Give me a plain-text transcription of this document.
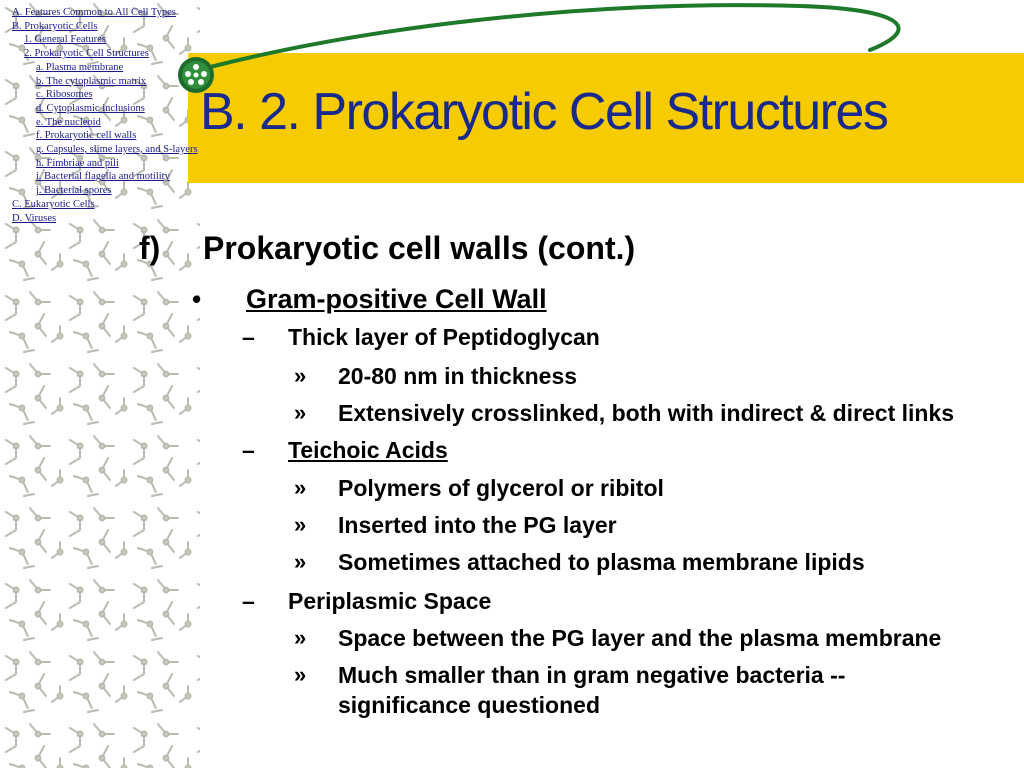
B. 2. Prokaryotic Cell Structures
A. Features Common to All Cell Types
B. Prokaryotic Cells
1. General Features
2. Prokaryotic Cell Structures
a. Plasma membrane
b. The cytoplasmic matrix
c. Ribosomes
d. Cytoplasmic inclusions
e. The nucleoid
f. Prokaryotic cell walls
g. Capsules, slime layers, and S-layers
h. Fimbriae and pili
i. Bacterial flagella and motility
j. Bacterial spores
C. Eukaryotic Cells
D. Viruses
f) Prokaryotic cell walls (cont.)
• Gram-positive Cell Wall
– Thick layer of Peptidoglycan
» 20-80 nm in thickness
» Extensively crosslinked, both with indirect & direct links
– Teichoic Acids
» Polymers of glycerol or ribitol
» Inserted into the PG layer
» Sometimes attached to plasma membrane lipids
– Periplasmic Space
» Space between the PG layer and the plasma membrane
» Much smaller than in gram negative bacteria --
significance questioned
